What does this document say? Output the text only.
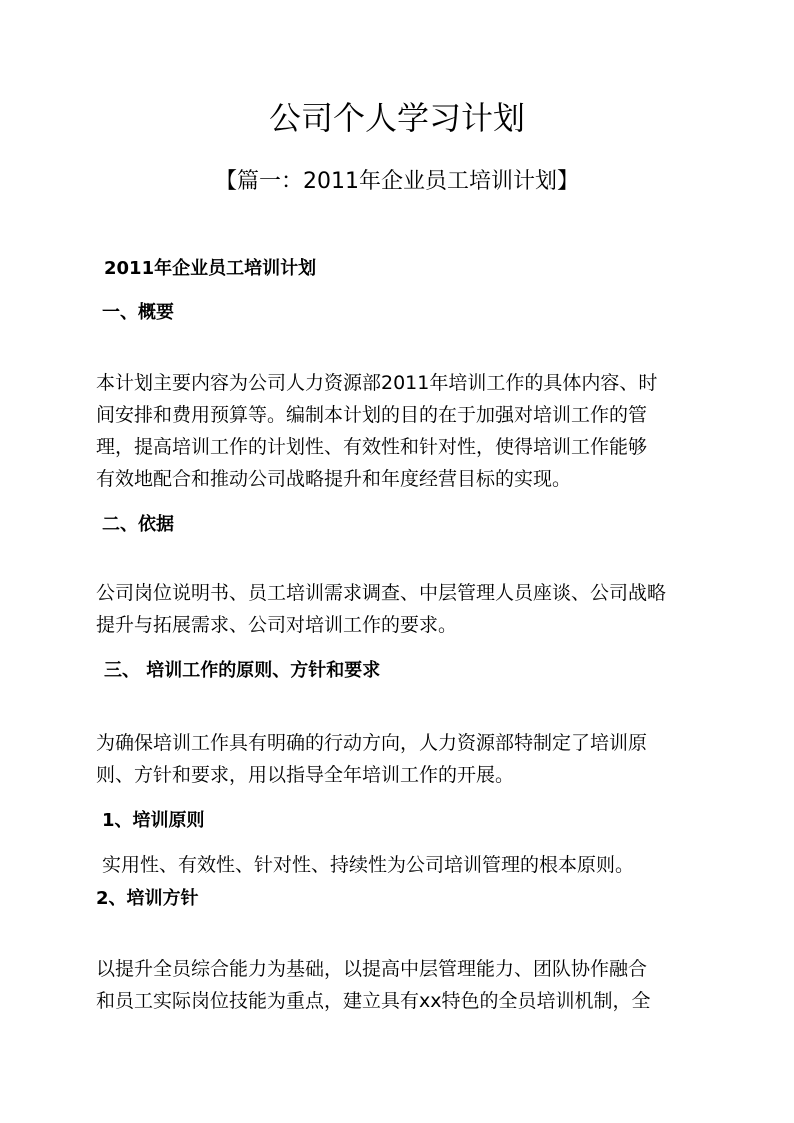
公司个人学习计划
【篇一：2011年企业员工培训计划】
2011年企业员工培训计划
一、概要
本计划主要内容为公司人力资源部2011年培训工作的具体内容、时
间安排和费用预算等。编制本计划的目的在于加强对培训工作的管
理，提高培训工作的计划性、有效性和针对性，使得培训工作能够
有效地配合和推动公司战略提升和年度经营目标的实现。
二、依据
公司岗位说明书、员工培训需求调查、中层管理人员座谈、公司战略
提升与拓展需求、公司对培训工作的要求。
三、 培训工作的原则、方针和要求
为确保培训工作具有明确的行动方向，人力资源部特制定了培训原
则、方针和要求，用以指导全年培训工作的开展。
1、培训原则
实用性、有效性、针对性、持续性为公司培训管理的根本原则。
2、培训方针
以提升全员综合能力为基础，以提高中层管理能力、团队协作融合
和员工实际岗位技能为重点，建立具有xx特色的全员培训机制，全
